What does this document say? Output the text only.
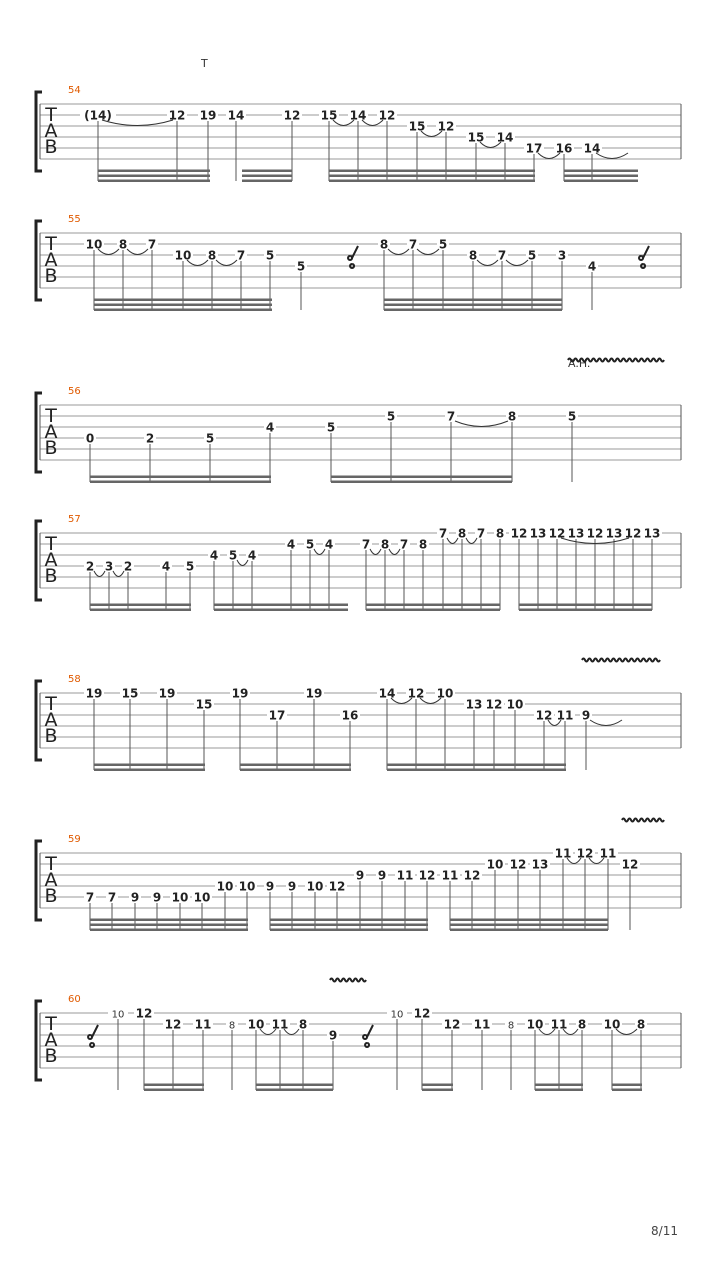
T
A
B
54
T
(14)	12 19 14	12 15 14 12
15 12
15 14
17 16 14
T
A
B
55
10 8 7
10 8 7 5
5
8 7 5
8 7 5 3
4
T
A
B
56
A.H.
0	2	5
4	5
5	7	8	5
T
A
B
57
2 3 2 4 5
4 5 4
4 5 4 7 8 7 8
7 8 7 8 12 13 12 13 12 13 12 13
T
A
B
58
19 15 19
15
19
17
19
16
14 12 10
13 12 10
12 11 9
T
A
B
59
7 7 9 9 10 10
10 10 9 9 10 12
9 9 11 12 11 12
10 12 13
11 12 11
12
T
A
B
60
10 12
12 11 8 10 11 8
9
10 12
12 11 8 10 11 8 10 8
8/11
